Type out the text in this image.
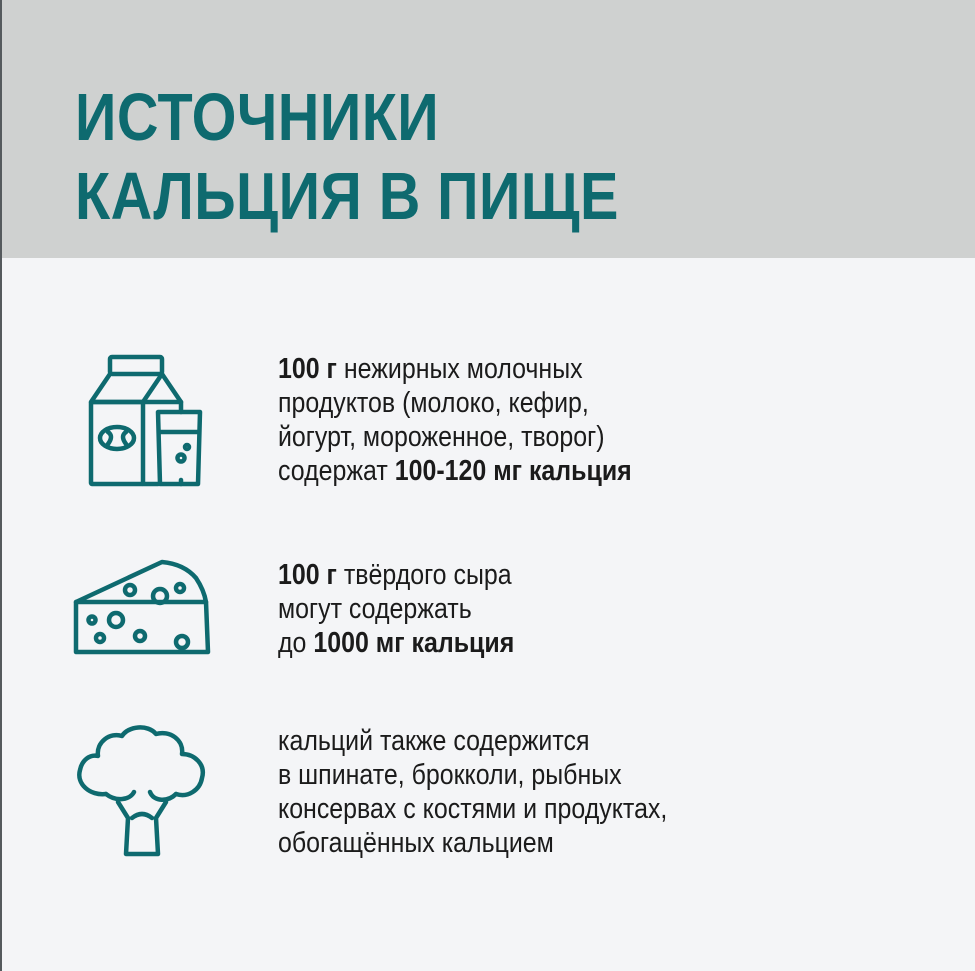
ИСТОЧНИКИ
КАЛЬЦИЯ В ПИЩЕ
100 г нежирных молочных
продуктов (молоко, кефир,
йогурт, мороженное, творог)
содержат 100-120 мг кальция
100 г твёрдого сыра
могут содержать
до 1000 мг кальция
кальций также содержится
в шпинате, брокколи, рыбных
консервах с костями и продуктах,
обогащённых кальцием
